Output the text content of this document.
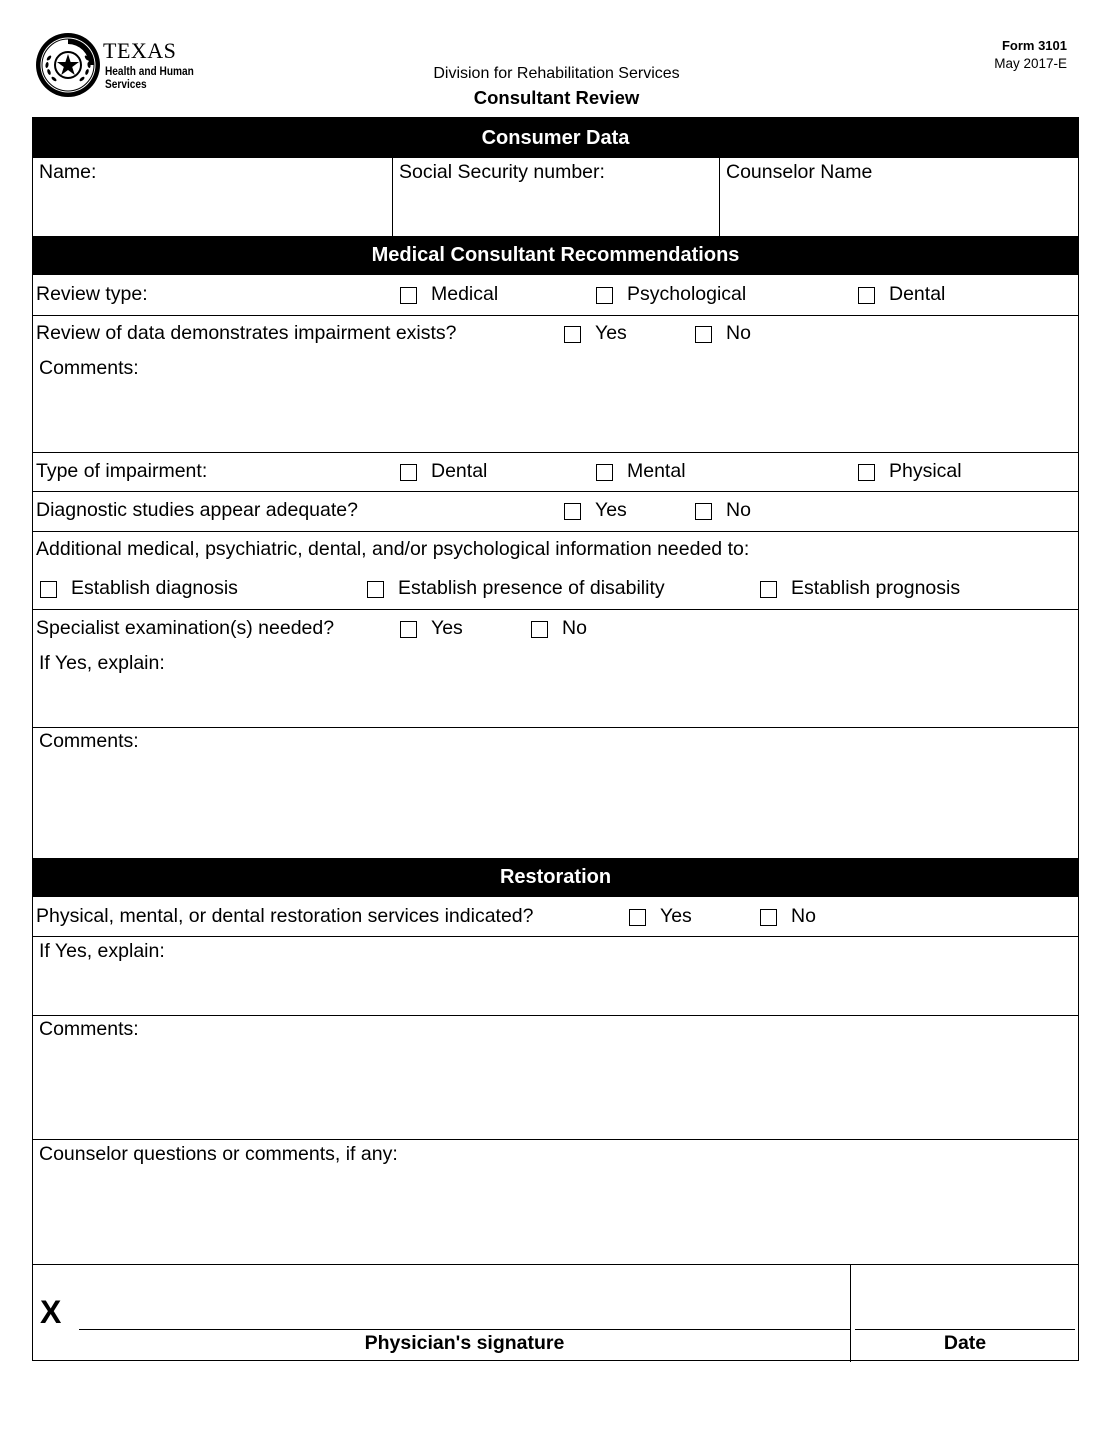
TEXAS
Health and Human
Services
Division for Rehabilitation Services
Consultant Review
Form 3101
May 2017-E
Consumer Data
Name:	Social Security number:	Counselor Name
Medical Consultant Recommendations
Review type:	Medical	Psychological	Dental
Review of data demonstrates impairment exists?	Yes	No
Comments:
Type of impairment:	Dental	Mental	Physical
Diagnostic studies appear adequate?	Yes	No
Additional medical, psychiatric, dental, and/or psychological information needed to:
Establish diagnosis	Establish presence of disability	Establish prognosis
Specialist examination(s) needed?	Yes	No
If Yes, explain:
Comments:
Restoration
Physical, mental, or dental restoration services indicated?	Yes	No
If Yes, explain:
Comments:
Counselor questions or comments, if any:
X
Physician's signature	Date
